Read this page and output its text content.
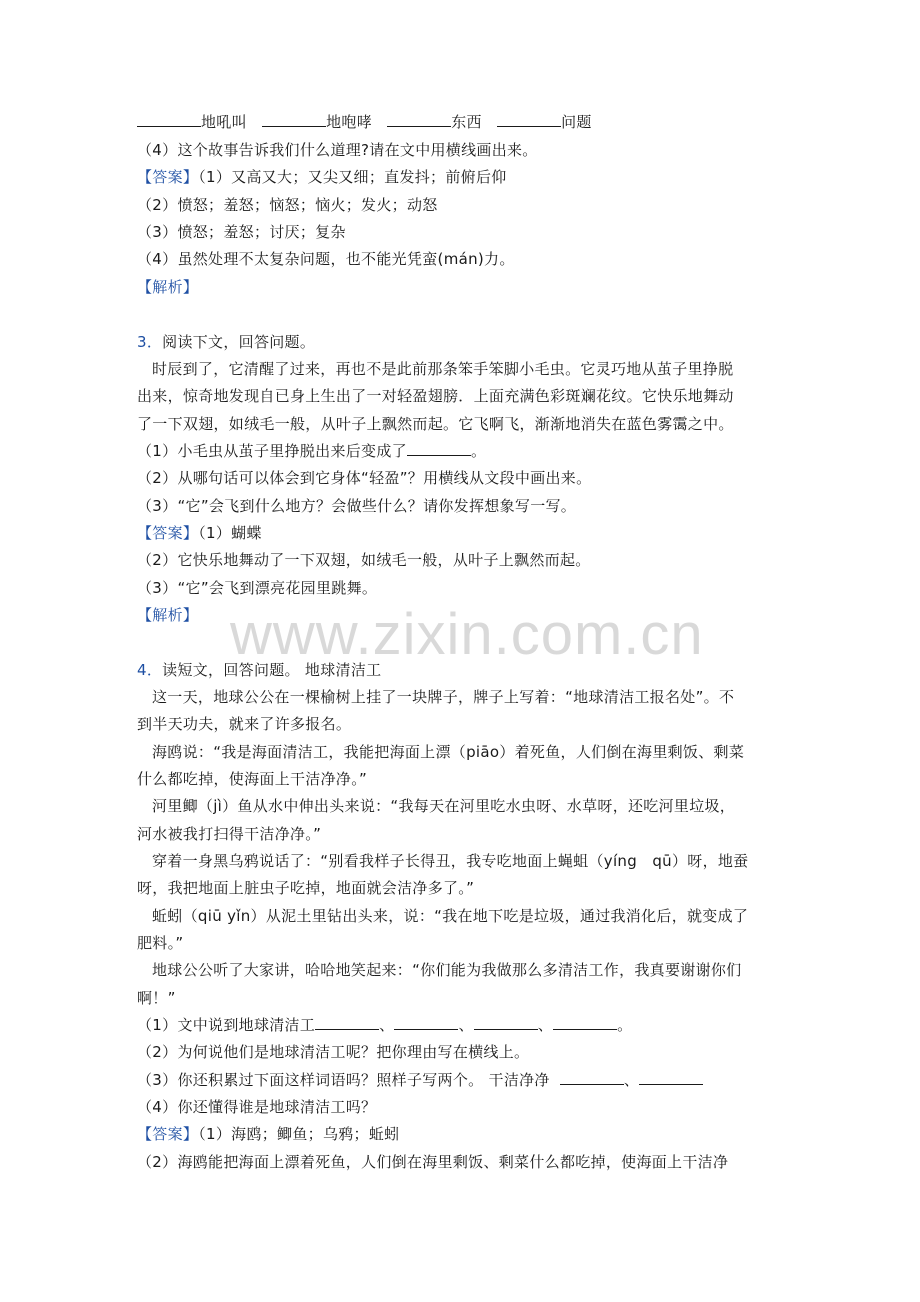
地吼叫	地咆哮	东西	问题
（4）这个故事告诉我们什么道理?请在文中用横线画出来。
【答案】（1）又高又大；又尖又细；直发抖；前俯后仰
（2）愤怒；羞怒；恼怒；恼火；发火；动怒
（3）愤怒；羞怒；讨厌；复杂
（4）虽然处理不太复杂问题，也不能光凭蛮(mán)力。
【解析】
3．阅读下文，回答问题。
时辰到了，它清醒了过来，再也不是此前那条笨手笨脚小毛虫。它灵巧地从茧子里挣脱
出来，惊奇地发现自已身上生出了一对轻盈翅膀．上面充满色彩斑斓花纹。它快乐地舞动
了一下双翅，如绒毛一般，从叶子上飘然而起。它飞啊飞，渐渐地消失在蓝色雾霭之中。
（1）小毛虫从茧子里挣脱出来后变成了	。
（2）从哪句话可以体会到它身体“轻盈”？用横线从文段中画出来。
（3）“它”会飞到什么地方？会做些什么？请你发挥想象写一写。
【答案】（1）蝴蝶
（2）它快乐地舞动了一下双翅，如绒毛一般，从叶子上飘然而起。
（3）“它”会飞到漂亮花园里跳舞。
【解析】 www.zixin.com.cn
4．读短文，回答问题。 地球清洁工
这一天，地球公公在一棵榆树上挂了一块牌子，牌子上写着：“地球清洁工报名处”。不
到半天功夫，就来了许多报名。
海鸥说：“我是海面清洁工，我能把海面上漂（piāo）着死鱼，人们倒在海里剩饭、剩菜
什么都吃掉，使海面上干洁净净。”
河里鲫（jì）鱼从水中伸出头来说：“我每天在河里吃水虫呀、水草呀，还吃河里垃圾，
河水被我打扫得干洁净净。”
穿着一身黑乌鸦说话了：“别看我样子长得丑，我专吃地面上蝇蛆（yíng　qū）呀，地蚕
呀，我把地面上脏虫子吃掉，地面就会洁净多了。”
蚯蚓（qiū yǐn）从泥土里钻出头来，说：“我在地下吃是垃圾，通过我消化后，就变成了
肥料。”
地球公公听了大家讲，哈哈地笑起来：“你们能为我做那么多清洁工作，我真要谢谢你们
啊！”
（1）文中说到地球清洁工	、	、	、	。
（2）为何说他们是地球清洁工呢？把你理由写在横线上。
（3）你还积累过下面这样词语吗？照样子写两个。 干洁净净	、
（4）你还懂得谁是地球清洁工吗？
【答案】（1）海鸥；鲫鱼；乌鸦；蚯蚓
（2）海鸥能把海面上漂着死鱼，人们倒在海里剩饭、剩菜什么都吃掉，使海面上干洁净
